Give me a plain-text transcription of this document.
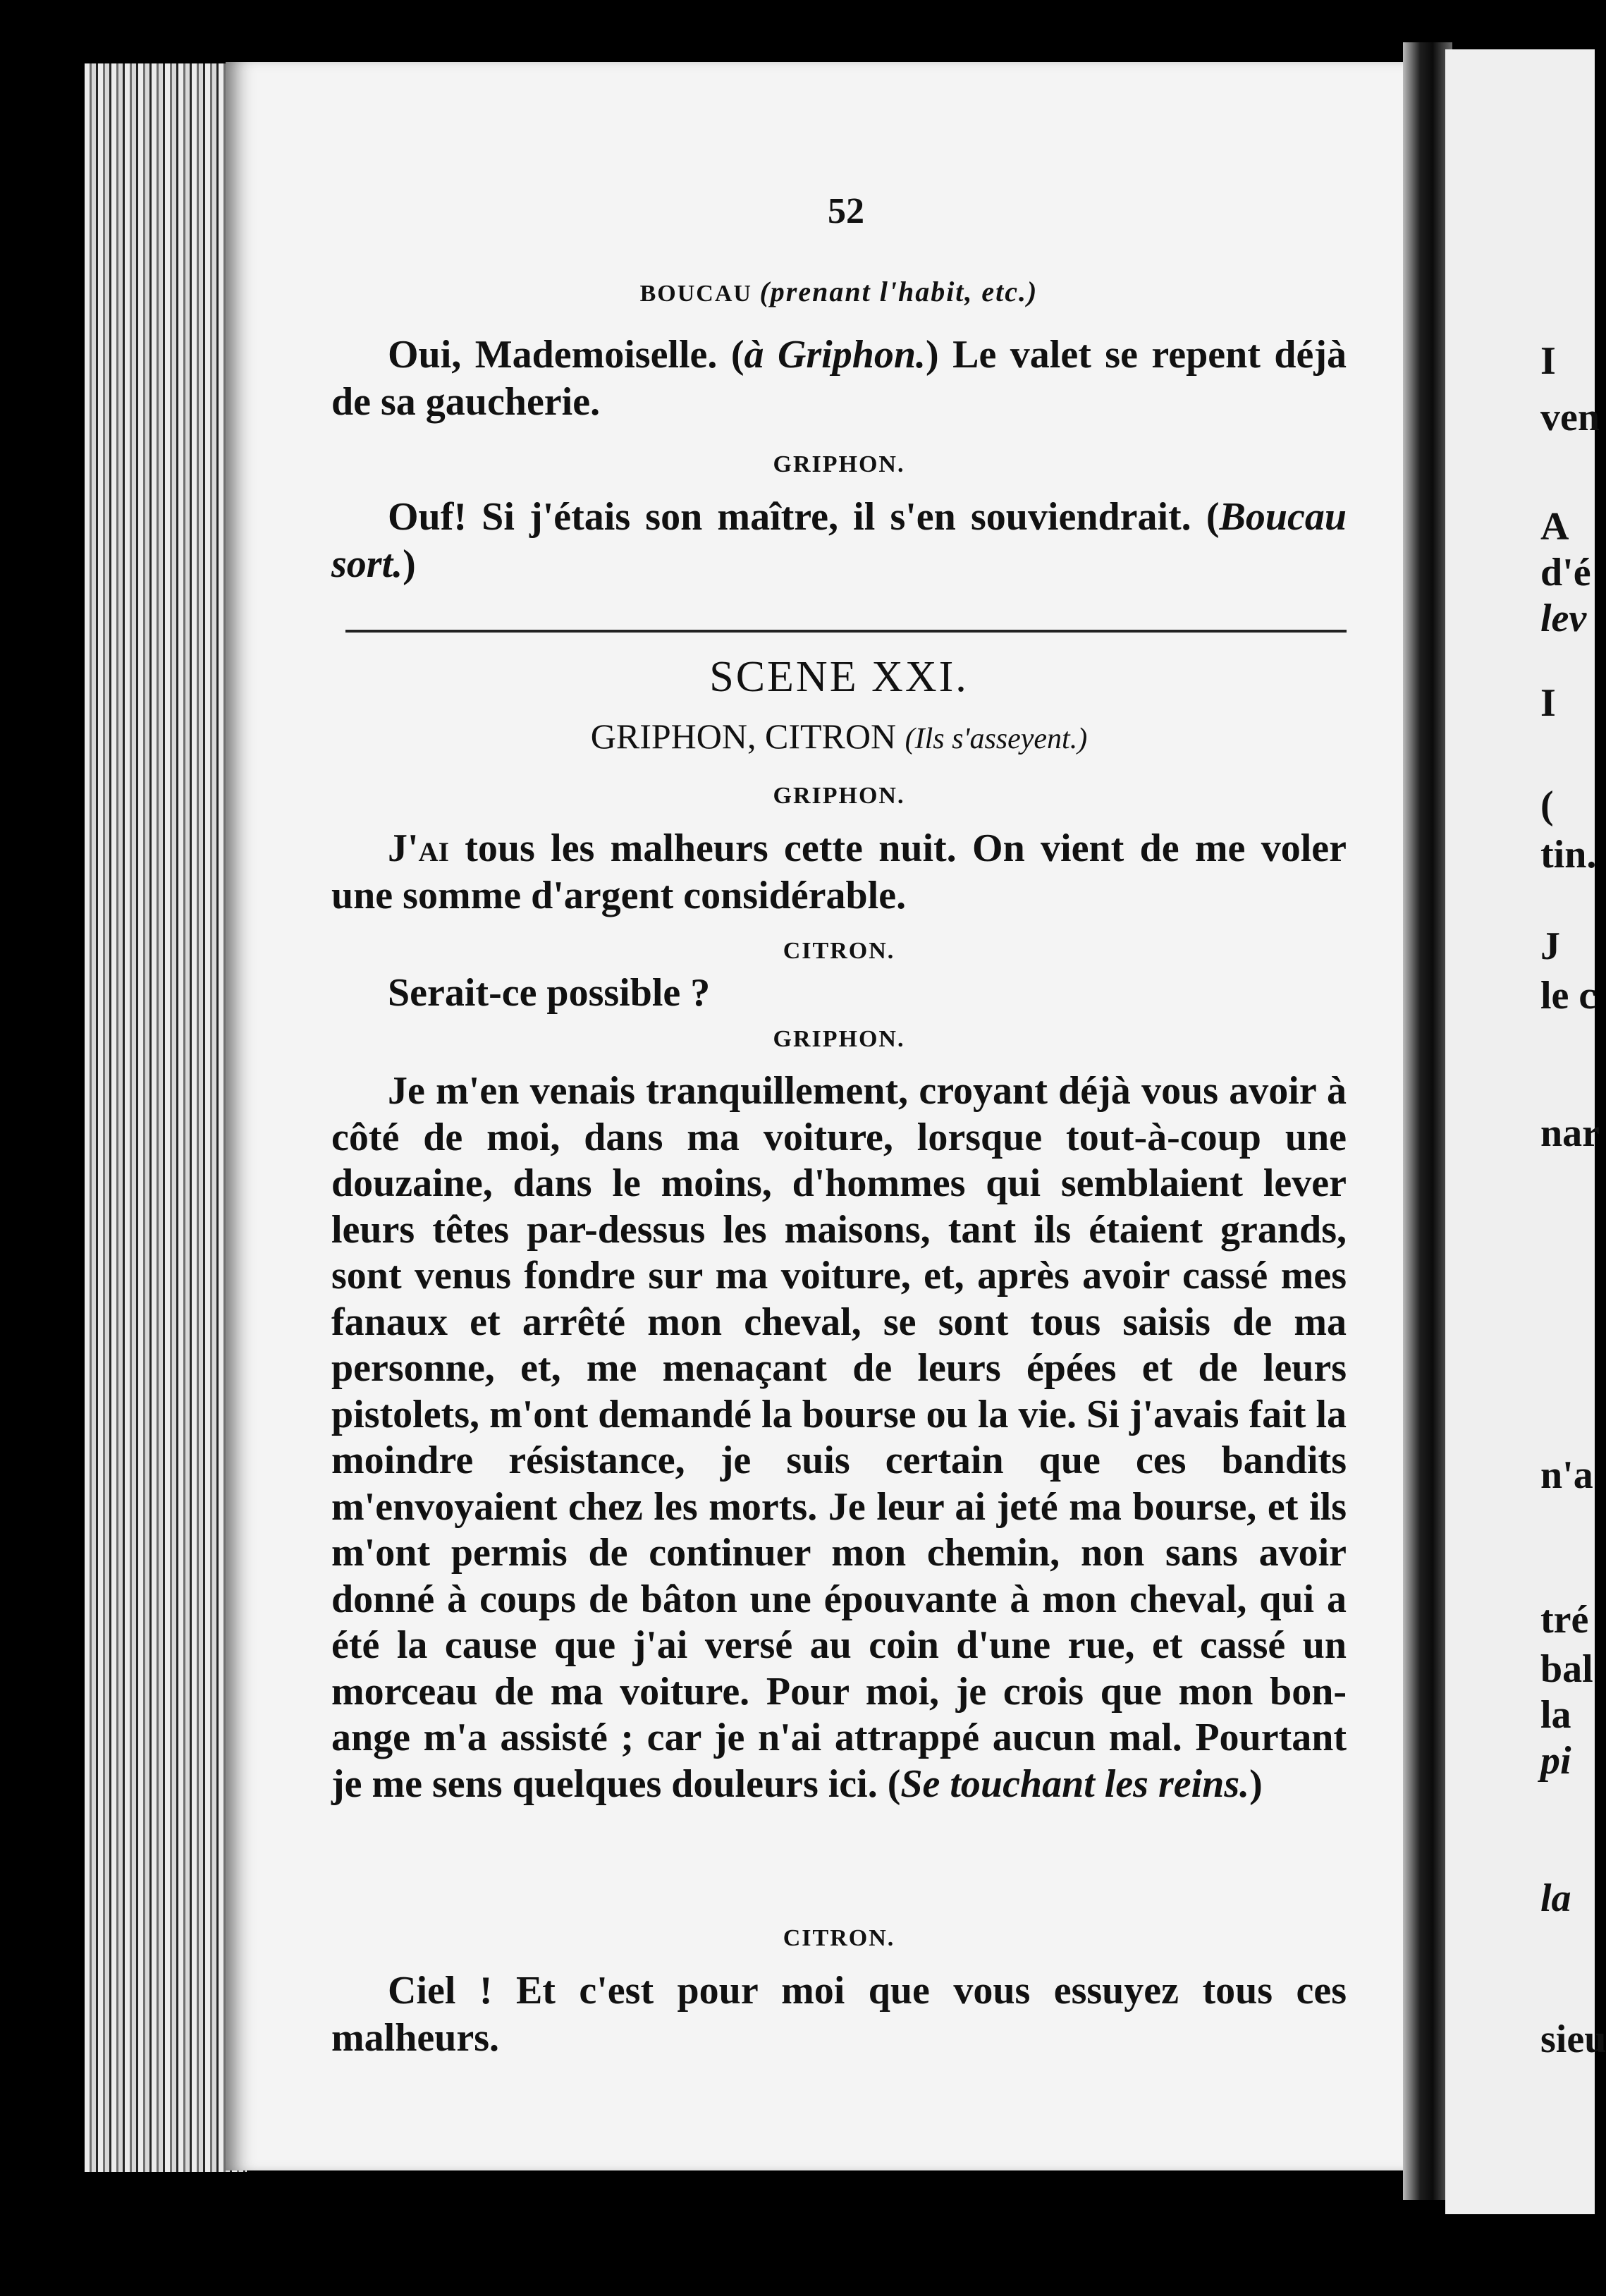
52
BOUCAU (prenant l'habit, etc.)
Oui, Mademoiselle. (à Griphon.) Le valet se repent déjà de sa gaucherie.
GRIPHON.
Ouf! Si j'étais son maître, il s'en souviendrait. (Boucau sort.)
SCENE XXI.
GRIPHON, CITRON (Ils s'asseyent.)
GRIPHON.
J'ai tous les malheurs cette nuit. On vient de me voler une somme d'argent considérable.
CITRON.
Serait-ce possible ?
GRIPHON.
Je m'en venais tranquillement, croyant déjà vous avoir à côté de moi, dans ma voiture, lorsque tout-à-coup une douzaine, dans le moins, d'hommes qui semblaient lever leurs têtes par-dessus les maisons, tant ils étaient grands, sont venus fondre sur ma voiture, et, après avoir cassé mes fanaux et arrêté mon cheval, se sont tous saisis de ma personne, et, me menaçant de leurs épées et de leurs pistolets, m'ont demandé la bourse ou la vie. Si j'avais fait la moindre résistance, je suis certain que ces bandits m'envoyaient chez les morts. Je leur ai jeté ma bourse, et ils m'ont permis de continuer mon chemin, non sans avoir donné à coups de bâton une épouvante à mon cheval, qui a été la cause que j'ai versé au coin d'une rue, et cassé un morceau de ma voiture. Pour moi, je crois que mon bon-ange m'a assisté ; car je n'ai attrappé aucun mal. Pourtant je me sens quelques douleurs ici. (Se touchant les reins.)
CITRON.
Ciel ! Et c'est pour moi que vous essuyez tous ces malheurs.
I
ven
A
d'é
lev
I
(
tin.
J
le c
nar
n'a
tré
bal
la
pi
la
sieu
